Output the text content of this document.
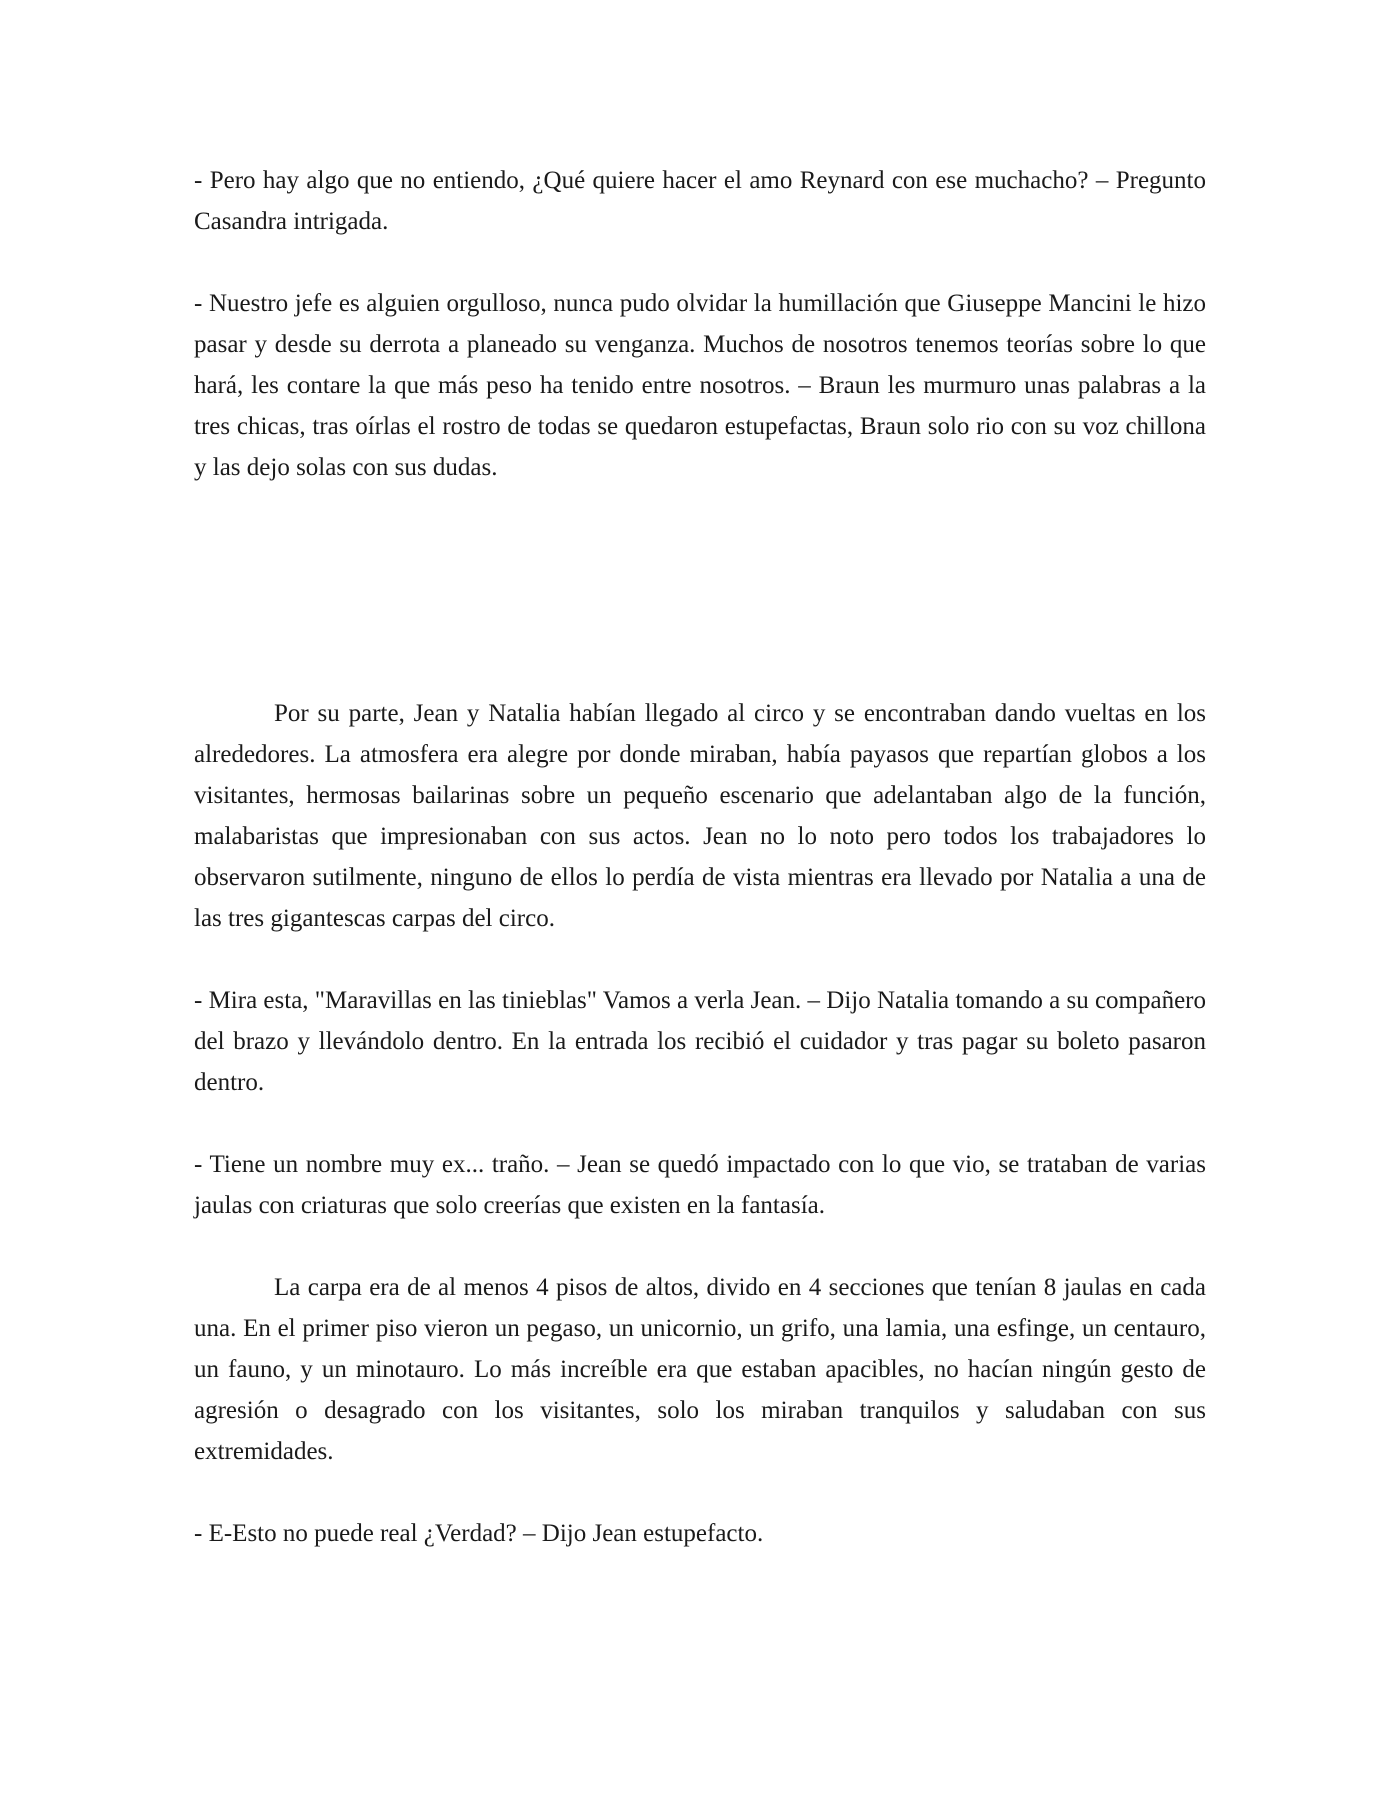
- Pero hay algo que no entiendo, ¿Qué quiere hacer el amo Reynard con ese muchacho? – Pregunto Casandra intrigada.

- Nuestro jefe es alguien orgulloso, nunca pudo olvidar la humillación que Giuseppe Mancini le hizo pasar y desde su derrota a planeado su venganza. Muchos de nosotros tenemos teorías sobre lo que hará, les contare la que más peso ha tenido entre nosotros. – Braun les murmuro unas palabras a la tres chicas, tras oírlas el rostro de todas se quedaron estupefactas, Braun solo rio con su voz chillona y las dejo solas con sus dudas.

Por su parte, Jean y Natalia habían llegado al circo y se encontraban dando vueltas en los alrededores. La atmosfera era alegre por donde miraban, había payasos que repartían globos a los visitantes, hermosas bailarinas sobre un pequeño escenario que adelantaban algo de la función, malabaristas que impresionaban con sus actos. Jean no lo noto pero todos los trabajadores lo observaron sutilmente, ninguno de ellos lo perdía de vista mientras era llevado por Natalia a una de las tres gigantescas carpas del circo.

- Mira esta, "Maravillas en las tinieblas" Vamos a verla Jean. – Dijo Natalia tomando a su compañero del brazo y llevándolo dentro. En la entrada los recibió el cuidador y tras pagar su boleto pasaron dentro.

- Tiene un nombre muy ex... traño. – Jean se quedó impactado con lo que vio, se trataban de varias jaulas con criaturas que solo creerías que existen en la fantasía.

La carpa era de al menos 4 pisos de altos, divido en 4 secciones que tenían 8 jaulas en cada una. En el primer piso vieron un pegaso, un unicornio, un grifo, una lamia, una esfinge, un centauro, un fauno, y un minotauro. Lo más increíble era que estaban apacibles, no hacían ningún gesto de agresión o desagrado con los visitantes, solo los miraban tranquilos y saludaban con sus extremidades.

- E-Esto no puede real ¿Verdad? – Dijo Jean estupefacto.
